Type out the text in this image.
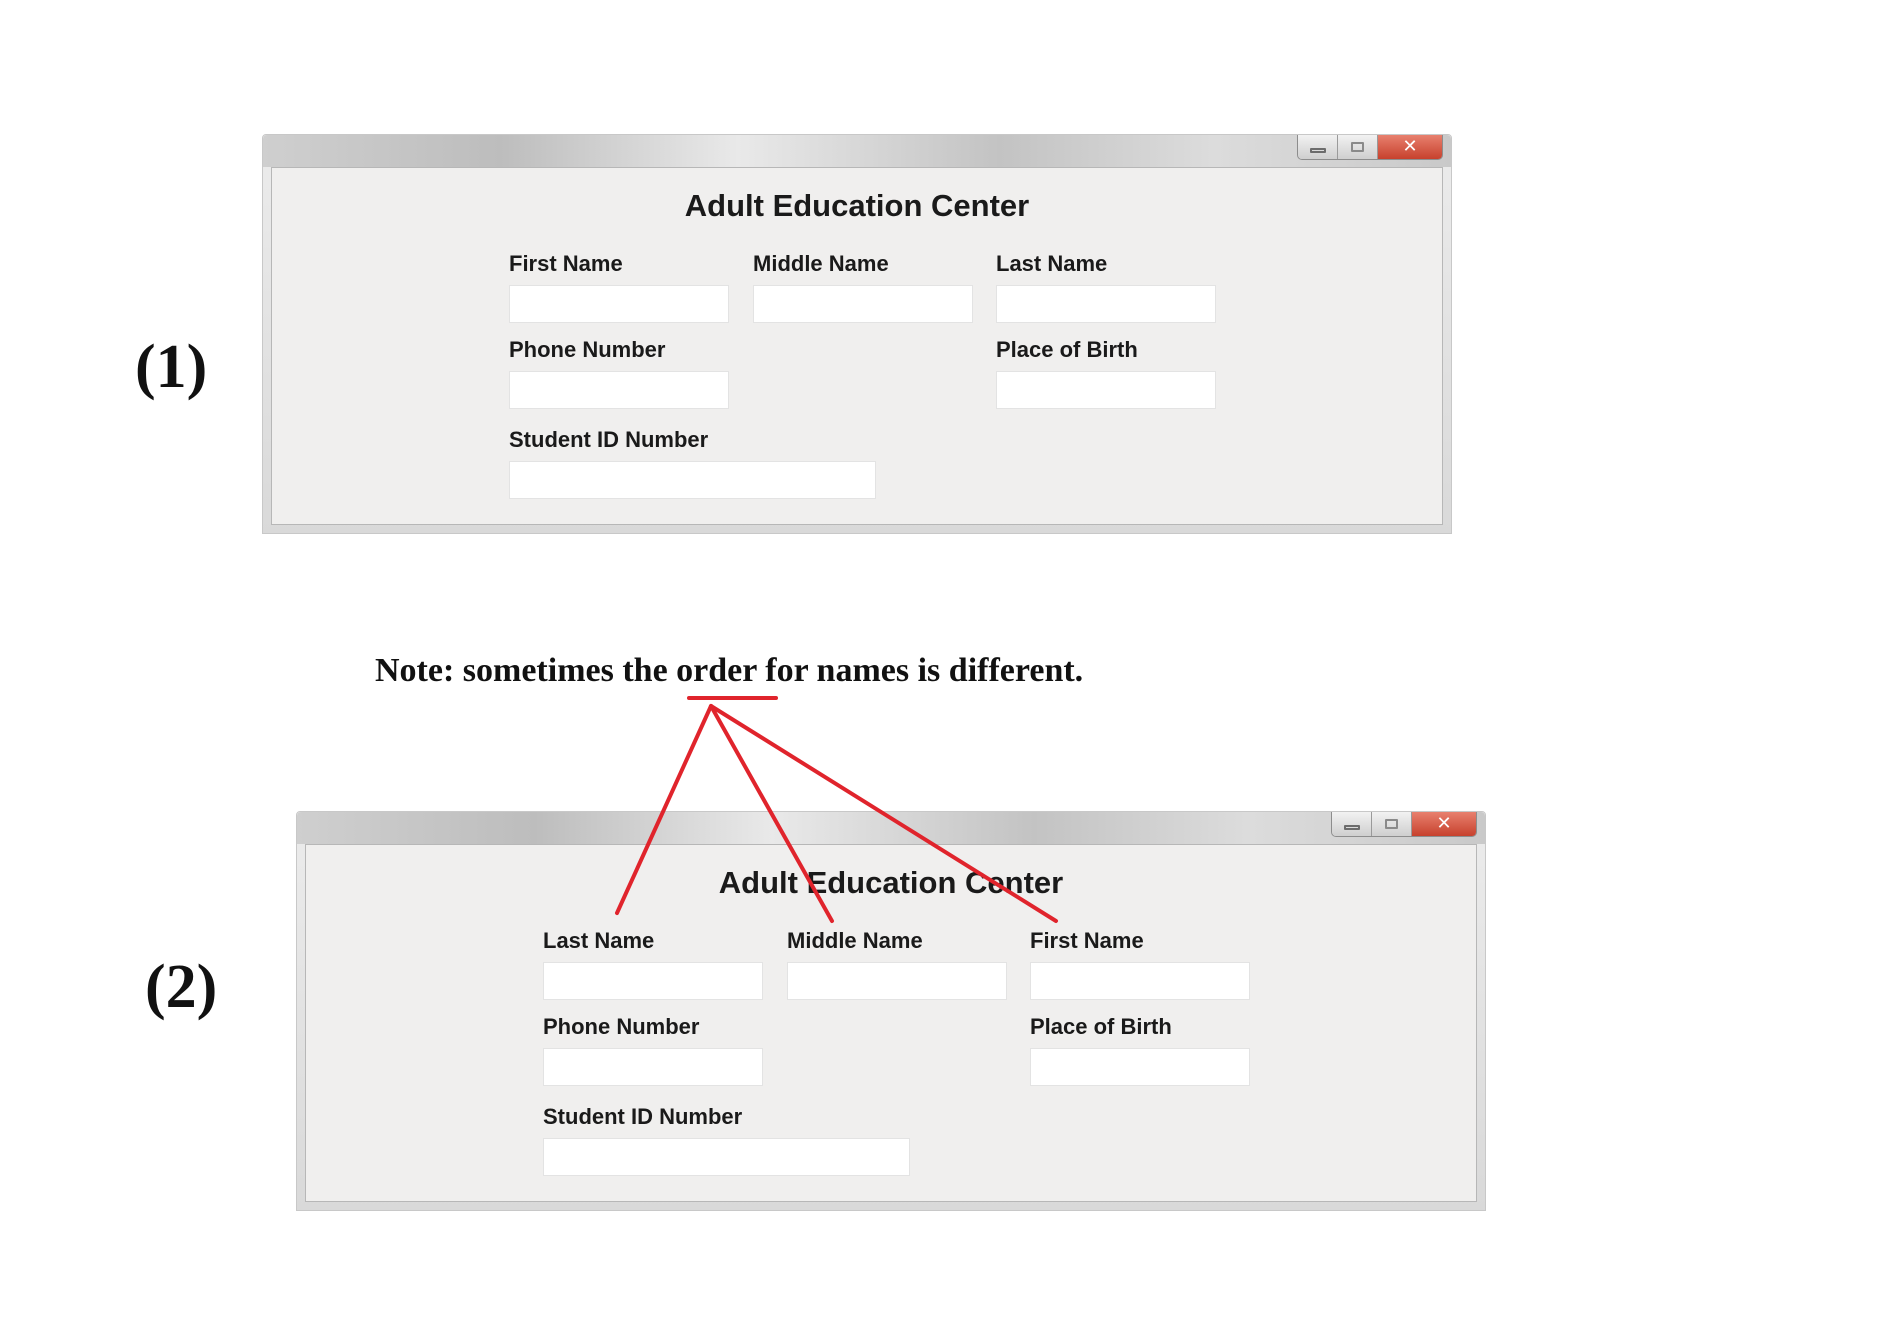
(1)
✕
Adult Education Center
First Name	Middle Name	Last Name
Phone Number	Place of Birth
Student ID Number
Note: sometimes the order for names is different.
(2)
✕
Adult Education Center
Last Name	Middle Name	First Name
Phone Number	Place of Birth
Student ID Number
